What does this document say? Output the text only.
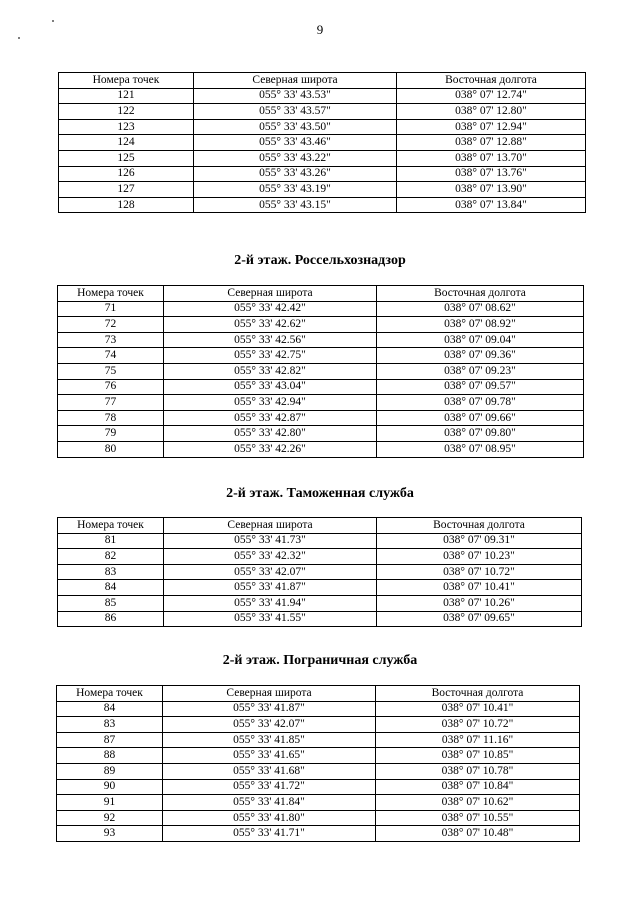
9
Номера точек	Северная широта	Восточная долгота
121	055° 33' 43.53"	038° 07' 12.74"
122	055° 33' 43.57"	038° 07' 12.80"
123	055° 33' 43.50"	038° 07' 12.94"
124	055° 33' 43.46"	038° 07' 12.88"
125	055° 33' 43.22"	038° 07' 13.70"
126	055° 33' 43.26"	038° 07' 13.76"
127	055° 33' 43.19"	038° 07' 13.90"
128	055° 33' 43.15"	038° 07' 13.84"
2-й этаж. Россельхознадзор
Номера точек	Северная широта	Восточная долгота
71	055° 33' 42.42"	038° 07' 08.62"
72	055° 33' 42.62"	038° 07' 08.92"
73	055° 33' 42.56"	038° 07' 09.04"
74	055° 33' 42.75"	038° 07' 09.36"
75	055° 33' 42.82"	038° 07' 09.23"
76	055° 33' 43.04"	038° 07' 09.57"
77	055° 33' 42.94"	038° 07' 09.78"
78	055° 33' 42.87"	038° 07' 09.66"
79	055° 33' 42.80"	038° 07' 09.80"
80	055° 33' 42.26"	038° 07' 08.95"
2-й этаж. Таможенная служба
Номера точек	Северная широта	Восточная долгота
81	055° 33' 41.73"	038° 07' 09.31"
82	055° 33' 42.32"	038° 07' 10.23"
83	055° 33' 42.07"	038° 07' 10.72"
84	055° 33' 41.87"	038° 07' 10.41"
85	055° 33' 41.94"	038° 07' 10.26"
86	055° 33' 41.55"	038° 07' 09.65"
2-й этаж. Пограничная служба
Номера точек	Северная широта	Восточная долгота
84	055° 33' 41.87"	038° 07' 10.41"
83	055° 33' 42.07"	038° 07' 10.72"
87	055° 33' 41.85"	038° 07' 11.16"
88	055° 33' 41.65"	038° 07' 10.85"
89	055° 33' 41.68"	038° 07' 10.78"
90	055° 33' 41.72"	038° 07' 10.84"
91	055° 33' 41.84"	038° 07' 10.62"
92	055° 33' 41.80"	038° 07' 10.55"
93	055° 33' 41.71"	038° 07' 10.48"
